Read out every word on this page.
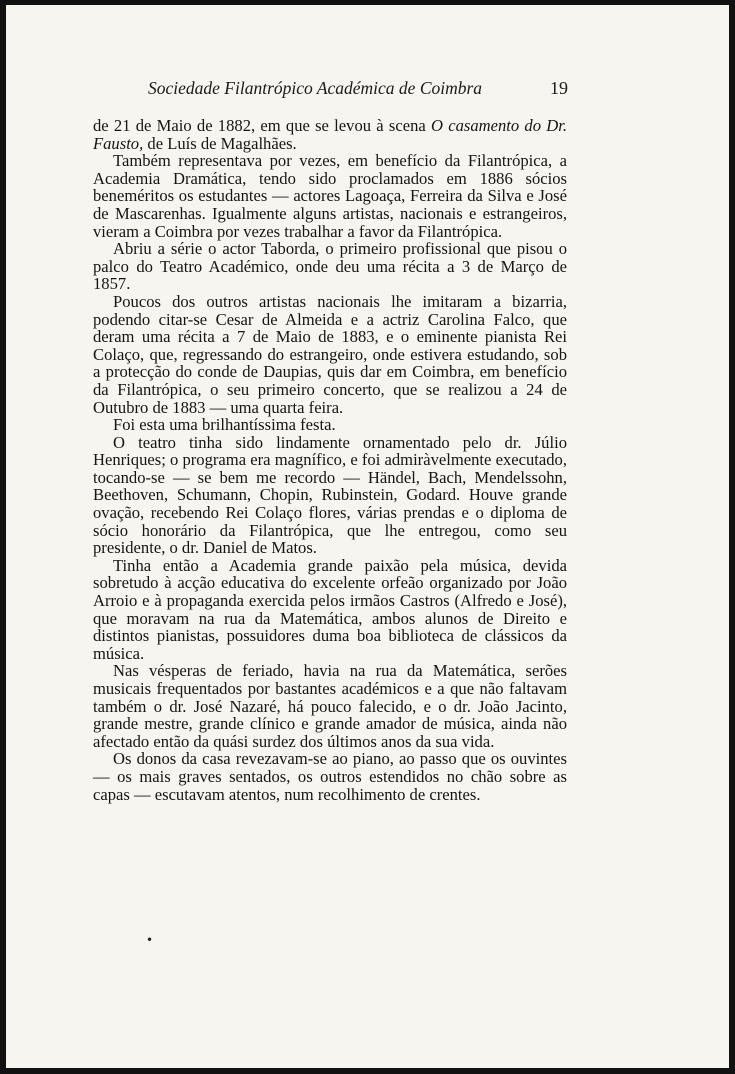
Sociedade Filantrópico Académica de Coimbra	19

de 21 de Maio de 1882, em que se levou à scena O casamento do Dr. Fausto, de Luís de Magalhães.

Também representava por vezes, em benefício da Filantrópica, a Academia Dramática, tendo sido proclamados em 1886 sócios beneméritos os estudantes — actores Lagoaça, Ferreira da Silva e José de Mascarenhas. Igualmente alguns artistas, nacionais e estrangeiros, vieram a Coimbra por vezes trabalhar a favor da Filantrópica.

Abriu a série o actor Taborda, o primeiro profissional que pisou o palco do Teatro Académico, onde deu uma récita a 3 de Março de 1857.

Poucos dos outros artistas nacionais lhe imitaram a bizarria, podendo citar-se Cesar de Almeida e a actriz Carolina Falco, que deram uma récita a 7 de Maio de 1883, e o eminente pianista Rei Colaço, que, regressando do estrangeiro, onde estivera estudando, sob a protecção do conde de Daupias, quis dar em Coimbra, em benefício da Filantrópica, o seu primeiro concerto, que se realizou a 24 de Outubro de 1883 — uma quarta feira.

Foi esta uma brilhantíssima festa.

O teatro tinha sido lindamente ornamentado pelo dr. Júlio Henriques; o programa era magnífico, e foi admiràvelmente executado, tocando-se — se bem me recordo — Händel, Bach, Mendelssohn, Beethoven, Schumann, Chopin, Rubinstein, Godard. Houve grande ovação, recebendo Rei Colaço flores, várias prendas e o diploma de sócio honorário da Filantrópica, que lhe entregou, como seu presidente, o dr. Daniel de Matos.

Tinha então a Academia grande paixão pela música, devida sobretudo à acção educativa do excelente orfeão organizado por João Arroio e à propaganda exercida pelos irmãos Castros (Alfredo e José), que moravam na rua da Matemática, ambos alunos de Direito e distintos pianistas, possuidores duma boa biblioteca de clássicos da música.

Nas vésperas de feriado, havia na rua da Matemática, serões musicais frequentados por bastantes académicos e a que não faltavam também o dr. José Nazaré, há pouco falecido, e o dr. João Jacinto, grande mestre, grande clínico e grande amador de música, ainda não afectado então da quási surdez dos últimos anos da sua vida.

Os donos da casa revezavam-se ao piano, ao passo que os ouvintes — os mais graves sentados, os outros estendidos no chão sobre as capas — escutavam atentos, num recolhimento de crentes.

•
